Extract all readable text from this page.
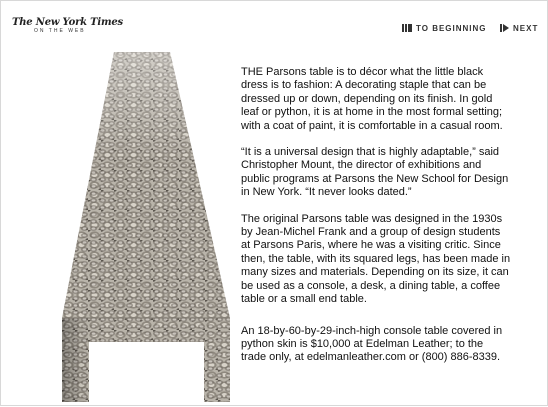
The New York Times
ON THE WEB	TO BEGINNING	NEXT

THE Parsons table is to décor what the little black dress is to fashion: A decorating staple that can be dressed up or down, depending on its finish. In gold leaf or python, it is at home in the most formal setting; with a coat of paint, it is comfortable in a casual room.

“It is a universal design that is highly adaptable,” said Christopher Mount, the director of exhibitions and public programs at Parsons the New School for Design in New York. “It never looks dated.”

The original Parsons table was designed in the 1930s by Jean-Michel Frank and a group of design students at Parsons Paris, where he was a visiting critic. Since then, the table, with its squared legs, has been made in many sizes and materials. Depending on its size, it can be used as a console, a desk, a dining table, a coffee table or a small end table.

An 18-by-60-by-29-inch-high console table covered in python skin is $10,000 at Edelman Leather; to the trade only, at edelmanleather.com or (800) 886-8339.
